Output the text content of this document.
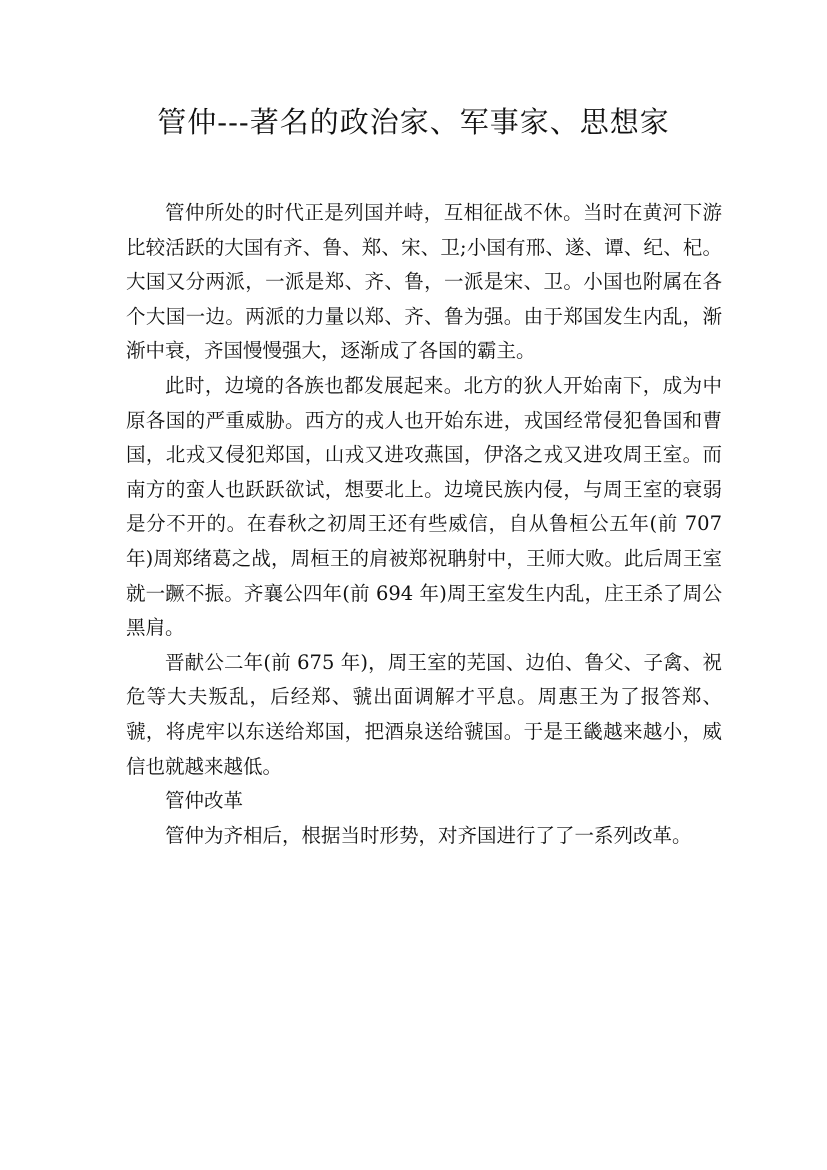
管仲---著名的政治家、军事家、思想家

管仲所处的时代正是列国并峙，互相征战不休。当时在黄河下游比较活跃的大国有齐、鲁、郑、宋、卫;小国有邢、遂、谭、纪、杞。大国又分两派，一派是郑、齐、鲁，一派是宋、卫。小国也附属在各个大国一边。两派的力量以郑、齐、鲁为强。由于郑国发生内乱，渐渐中衰，齐国慢慢强大，逐渐成了各国的霸主。

此时，边境的各族也都发展起来。北方的狄人开始南下，成为中原各国的严重威胁。西方的戎人也开始东进，戎国经常侵犯鲁国和曹国，北戎又侵犯郑国，山戎又进攻燕国，伊洛之戎又进攻周王室。而南方的蛮人也跃跃欲试，想要北上。边境民族内侵，与周王室的衰弱是分不开的。在春秋之初周王还有些威信，自从鲁桓公五年(前 707 年)周郑绪葛之战，周桓王的肩被郑祝聃射中，王师大败。此后周王室就一蹶不振。齐襄公四年(前 694 年)周王室发生内乱，庄王杀了周公黑肩。

晋献公二年(前 675 年)，周王室的芜国、边伯、鲁父、子禽、祝危等大夫叛乱，后经郑、虢出面调解才平息。周惠王为了报答郑、虢，将虎牢以东送给郑国，把酒泉送给虢国。于是王畿越来越小，威信也就越来越低。

管仲改革

管仲为齐相后，根据当时形势，对齐国进行了了一系列改革。
